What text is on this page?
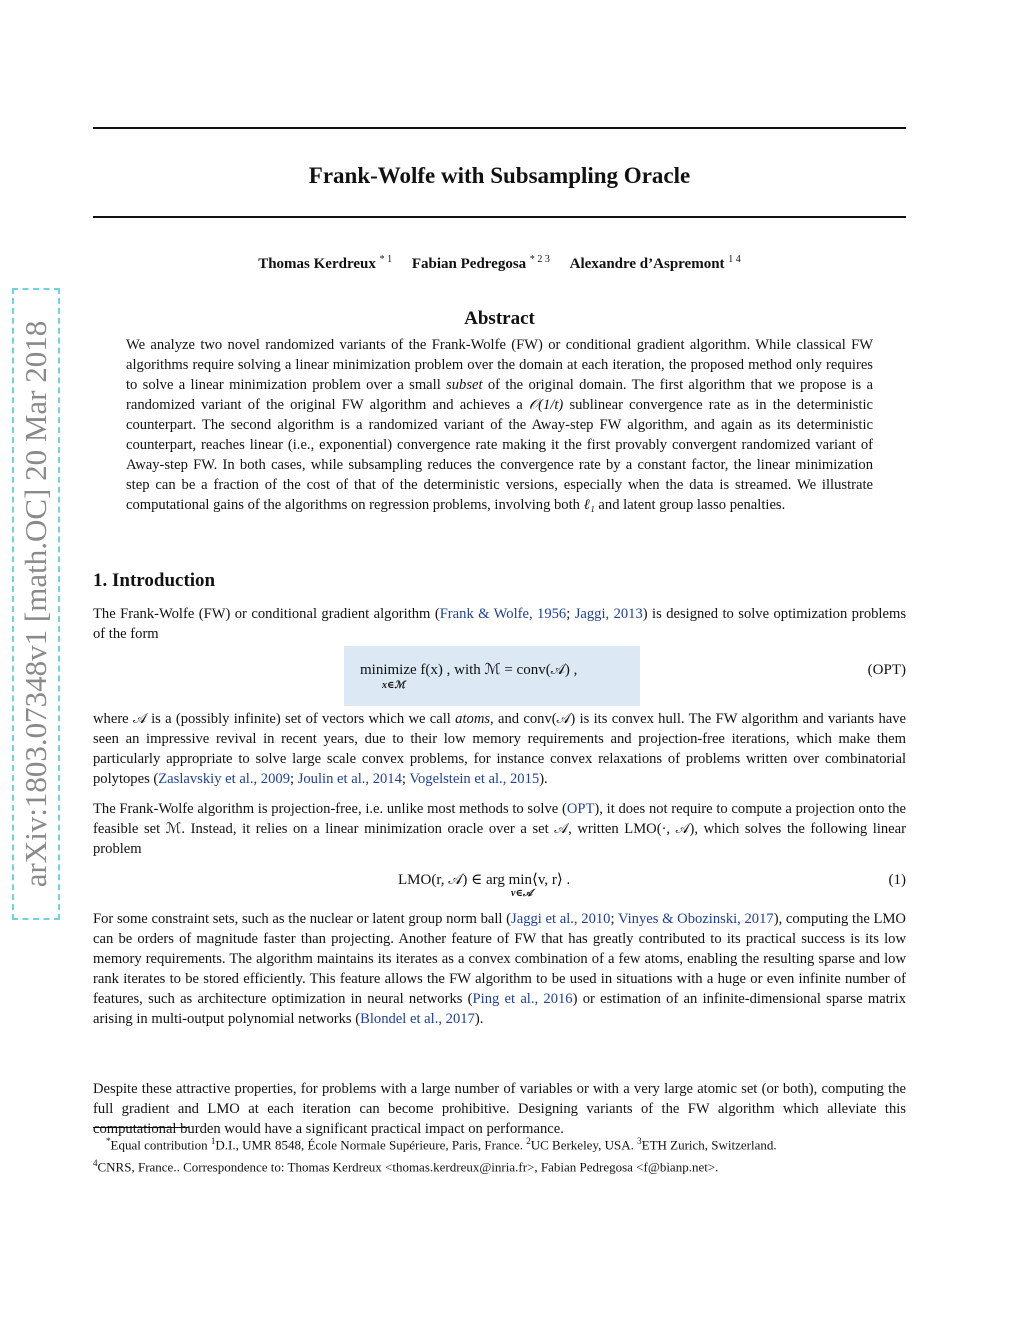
arXiv:1803.07348v1 [math.OC] 20 Mar 2018
Frank-Wolfe with Subsampling Oracle
Thomas Kerdreux $^{* 1}$ Fabian Pedregosa $^{* 2 3}$ Alexandre d’Aspremont $^{1 4}$
Abstract

We analyze two novel randomized variants of the Frank-Wolfe (FW) or conditional gradient algorithm. While classical FW algorithms require solving a linear minimization problem over the domain at each iteration, the proposed method only requires to solve a linear minimization problem over a small subset of the original domain. The first algorithm that we propose is a randomized variant of the original FW algorithm and achieves a 𝒪(1/t) sublinear convergence rate as in the deterministic counterpart. The second algorithm is a randomized variant of the Away-step FW algorithm, and again as its deterministic counterpart, reaches linear (i.e., exponential) convergence rate making it the first provably convergent randomized variant of Away-step FW. In both cases, while subsampling reduces the convergence rate by a constant factor, the linear minimization step can be a fraction of the cost of that of the deterministic versions, especially when the data is streamed. We illustrate computational gains of the algorithms on regression problems, involving both ℓ₁ and latent group lasso penalties.

1. Introduction

The Frank-Wolfe (FW) or conditional gradient algorithm (Frank & Wolfe, 1956; Jaggi, 2013) is designed to solve optimization problems of the form

minimize f(x) , with ℳ = conv(𝒜) ,
x∈ℳ
(OPT)

where 𝒜 is a (possibly infinite) set of vectors which we call atoms, and conv(𝒜) is its convex hull. The FW algorithm and variants have seen an impressive revival in recent years, due to their low memory requirements and projection-free iterations, which make them particularly appropriate to solve large scale convex problems, for instance convex relaxations of problems written over combinatorial polytopes (Zaslavskiy et al., 2009; Joulin et al., 2014; Vogelstein et al., 2015).

The Frank-Wolfe algorithm is projection-free, i.e. unlike most methods to solve (OPT), it does not require to compute a projection onto the feasible set ℳ. Instead, it relies on a linear minimization oracle over a set 𝒜, written LMO(·, 𝒜), which solves the following linear problem

LMO(r, 𝒜) ∈ arg min⟨v, r⟩ .
v∈𝒜
(1)

For some constraint sets, such as the nuclear or latent group norm ball (Jaggi et al., 2010; Vinyes & Obozinski, 2017), computing the LMO can be orders of magnitude faster than projecting. Another feature of FW that has greatly contributed to its practical success is its low memory requirements. The algorithm maintains its iterates as a convex combination of a few atoms, enabling the resulting sparse and low rank iterates to be stored efficiently. This feature allows the FW algorithm to be used in situations with a huge or even infinite number of features, such as architecture optimization in neural networks (Ping et al., 2016) or estimation of an infinite-dimensional sparse matrix arising in multi-output polynomial networks (Blondel et al., 2017).

Despite these attractive properties, for problems with a large number of variables or with a very large atomic set (or both), computing the full gradient and LMO at each iteration can become prohibitive. Designing variants of the FW algorithm which alleviate this computational burden would have a significant practical impact on performance.

*Equal contribution $^1$D.I., UMR 8548, École Normale Supérieure, Paris, France. $^2$UC Berkeley, USA. $^3$ETH Zurich, Switzerland.
$^4$CNRS, France.. Correspondence to: Thomas Kerdreux <thomas.kerdreux@inria.fr>, Fabian Pedregosa <f@bianp.net>.
